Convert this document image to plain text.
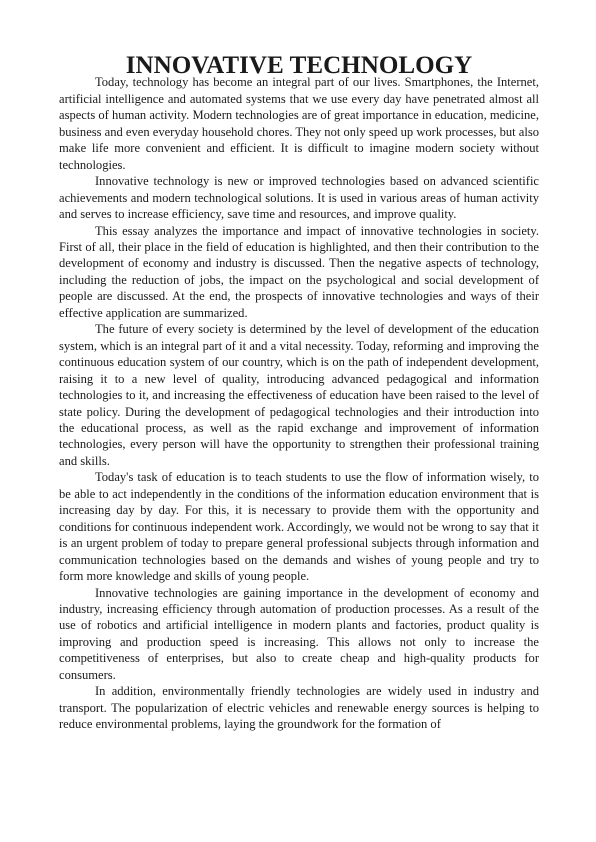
INNOVATIVE TECHNOLOGY

Today, technology has become an integral part of our lives. Smartphones, the Internet, artificial intelligence and automated systems that we use every day have penetrated almost all aspects of human activity. Modern technologies are of great importance in education, medicine, business and even everyday household chores. They not only speed up work processes, but also make life more convenient and efficient. It is difficult to imagine modern society without technologies.

Innovative technology is new or improved technologies based on advanced scientific achievements and modern technological solutions. It is used in various areas of human activity and serves to increase efficiency, save time and resources, and improve quality.

This essay analyzes the importance and impact of innovative technologies in society. First of all, their place in the field of education is highlighted, and then their contribution to the development of economy and industry is discussed. Then the negative aspects of technology, including the reduction of jobs, the impact on the psychological and social development of people are discussed. At the end, the prospects of innovative technologies and ways of their effective application are summarized.

The future of every society is determined by the level of development of the education system, which is an integral part of it and a vital necessity. Today, reforming and improving the continuous education system of our country, which is on the path of independent development, raising it to a new level of quality, introducing advanced pedagogical and information technologies to it, and increasing the effectiveness of education have been raised to the level of state policy. During the development of pedagogical technologies and their introduction into the educational process, as well as the rapid exchange and improvement of information technologies, every person will have the opportunity to strengthen their professional training and skills.

Today's task of education is to teach students to use the flow of information wisely, to be able to act independently in the conditions of the information education environment that is increasing day by day. For this, it is necessary to provide them with the opportunity and conditions for continuous independent work. Accordingly, we would not be wrong to say that it is an urgent problem of today to prepare general professional subjects through information and communication technologies based on the demands and wishes of young people and try to form more knowledge and skills of young people.

Innovative technologies are gaining importance in the development of economy and industry, increasing efficiency through automation of production processes. As a result of the use of robotics and artificial intelligence in modern plants and factories, product quality is improving and production speed is increasing. This allows not only to increase the competitiveness of enterprises, but also to create cheap and high-quality products for consumers.

In addition, environmentally friendly technologies are widely used in industry and transport. The popularization of electric vehicles and renewable energy sources is helping to reduce environmental problems, laying the groundwork for the formation of
